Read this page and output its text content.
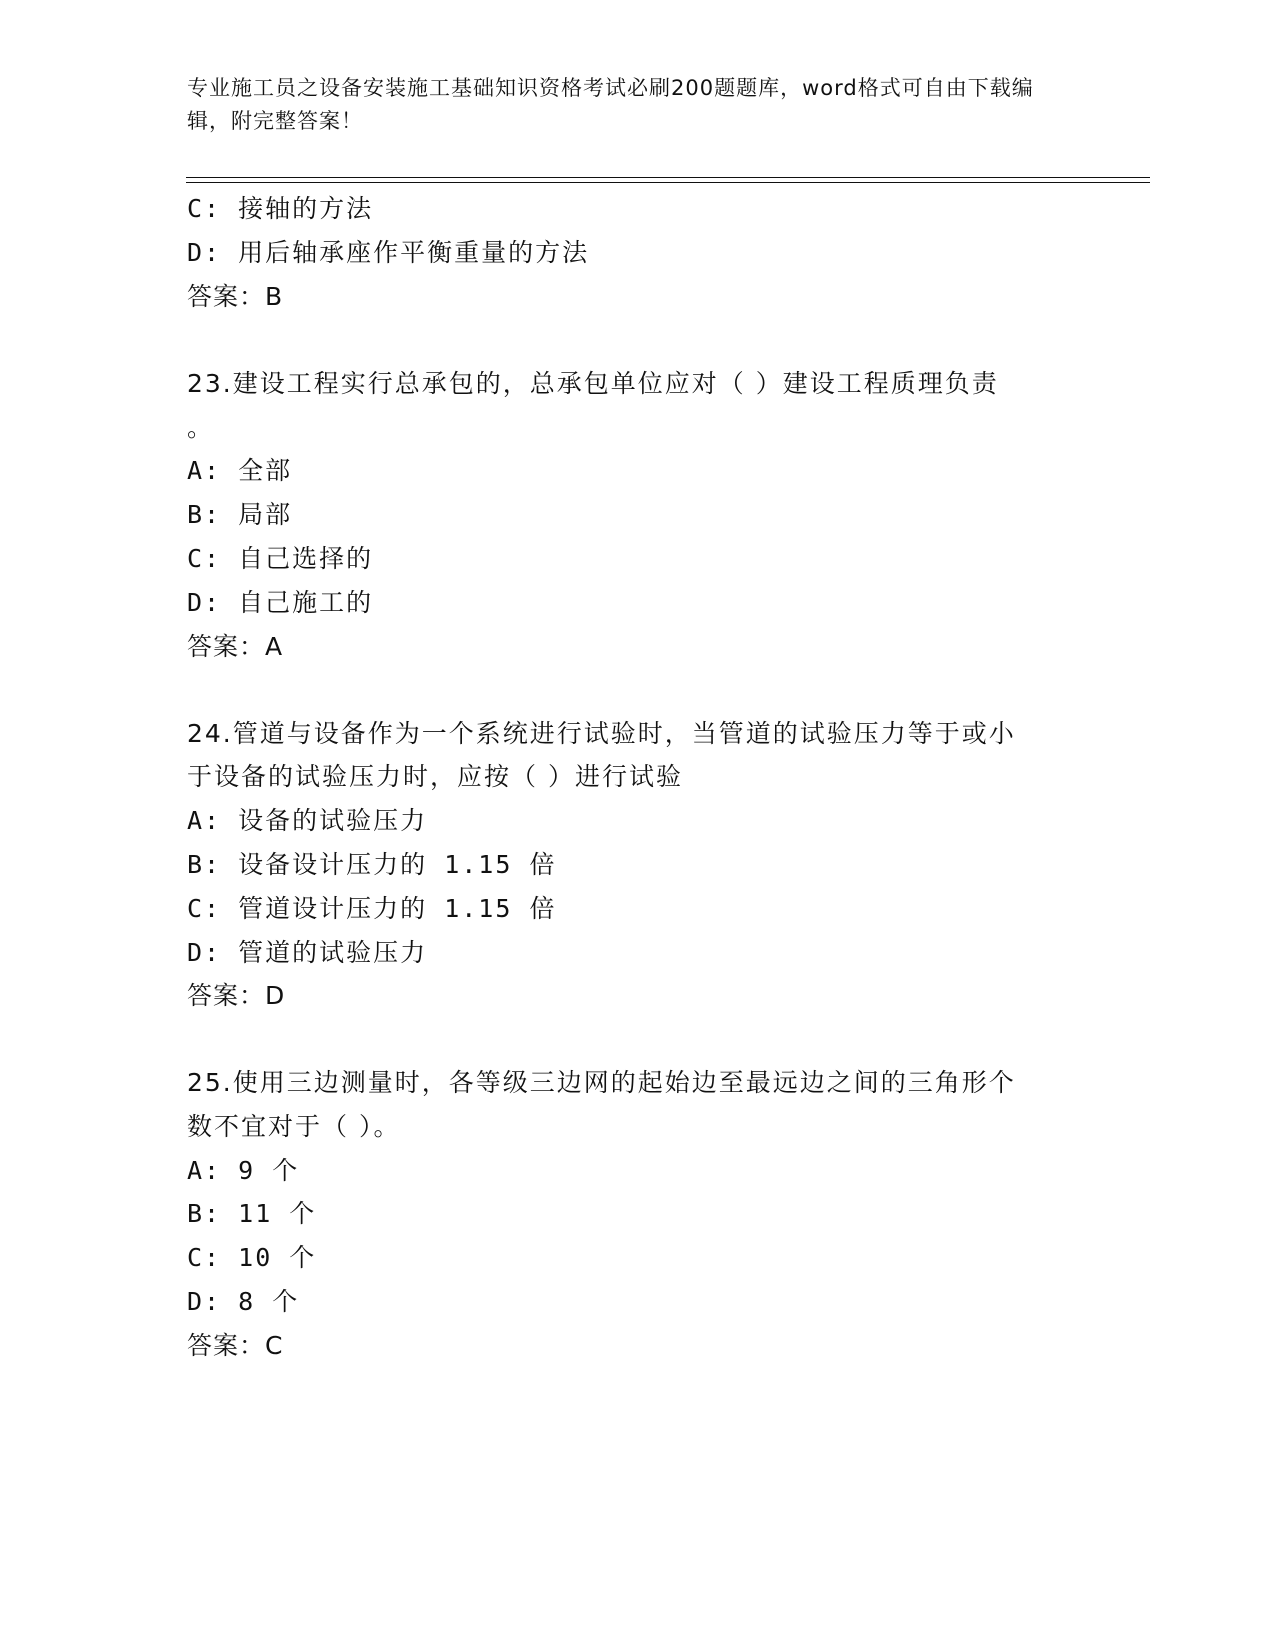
专业施工员之设备安装施工基础知识资格考试必刷200题题库，word格式可自由下载编辑，附完整答案！
C: 接轴的方法
D: 用后轴承座作平衡重量的方法
答案：B
23.建设工程实行总承包的，总承包单位应对（ ）建设工程质理负责
。
A: 全部
B: 局部
C: 自己选择的
D: 自己施工的
答案：A
24.管道与设备作为一个系统进行试验时，当管道的试验压力等于或小
于设备的试验压力时，应按（ ）进行试验
A: 设备的试验压力
B: 设备设计压力的 1.15 倍
C: 管道设计压力的 1.15 倍
D: 管道的试验压力
答案：D
25.使用三边测量时，各等级三边网的起始边至最远边之间的三角形个
数不宜对于（ ）。
A: 9 个
B: 11 个
C: 10 个
D: 8 个
答案：C
